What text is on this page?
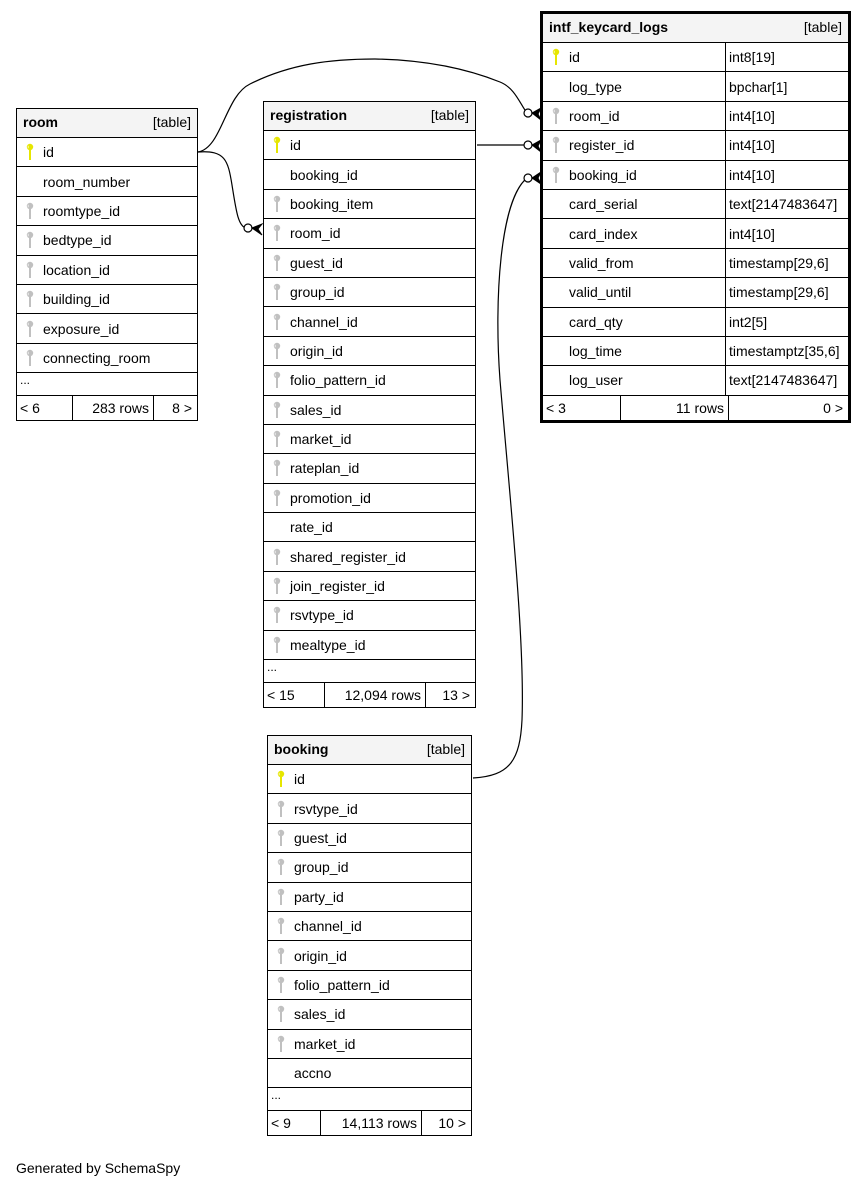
room	[table]
id
room_number
roomtype_id
bedtype_id
location_id
building_id
exposure_id
connecting_room
...
< 6	283 rows	8 >
registration	[table]
id
booking_id
booking_item
room_id
guest_id
group_id
channel_id
origin_id
folio_pattern_id
sales_id
market_id
rateplan_id
promotion_id
rate_id
shared_register_id
join_register_id
rsvtype_id
mealtype_id
...
< 15	12,094 rows	13 >
intf_keycard_logs	[table]
id	int8[19]
log_type	bpchar[1]
room_id	int4[10]
register_id	int4[10]
booking_id	int4[10]
card_serial	text[2147483647]
card_index	int4[10]
valid_from	timestamp[29,6]
valid_until	timestamp[29,6]
card_qty	int2[5]
log_time	timestamptz[35,6]
log_user	text[2147483647]
< 3	11 rows	0 >
booking	[table]
id
rsvtype_id
guest_id
group_id
party_id
channel_id
origin_id
folio_pattern_id
sales_id
market_id
accno
...
< 9	14,113 rows	10 >
Generated by SchemaSpy
